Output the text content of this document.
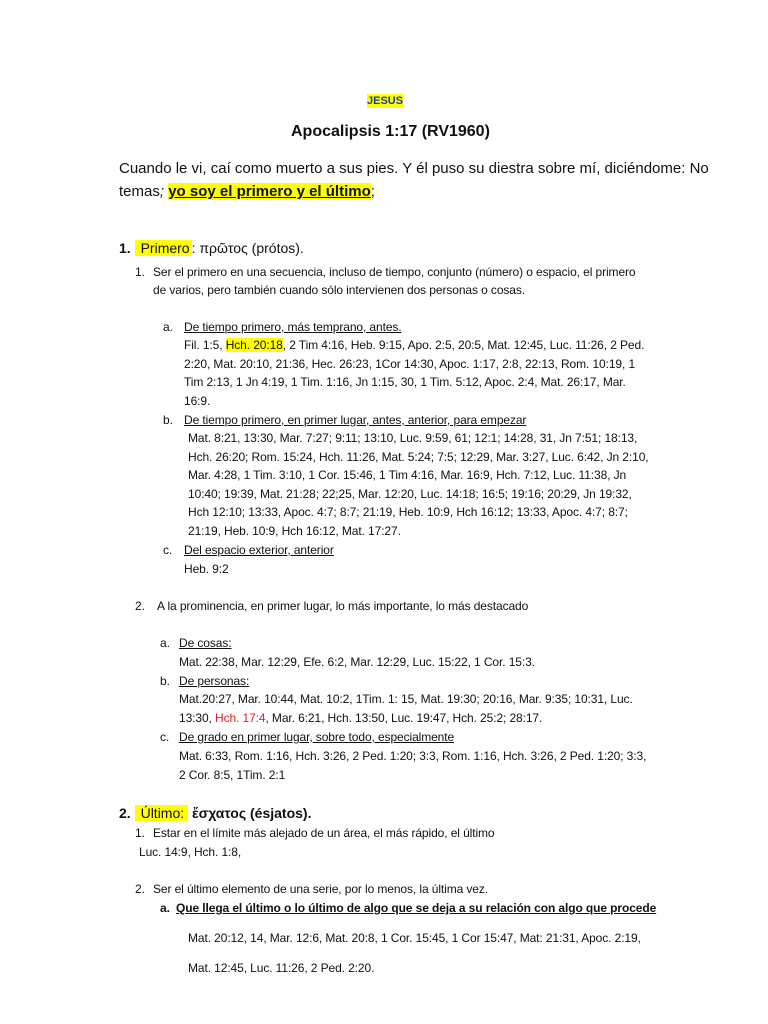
JESUS
Apocalipsis 1:17 (RV1960)
Cuando le vi, caí como muerto a sus pies. Y él puso su diestra sobre mí, diciéndome: No
temas; yo soy el primero y el último;
1. Primero : πρῶτος (prótos).
1. Ser el primero en una secuencia, incluso de tiempo, conjunto (número) o espacio, el primero
de varios, pero también cuando sólo intervienen dos personas o cosas.
a. De tiempo primero, más temprano, antes.
Fil. 1:5, Hch. 20:18, 2 Tim 4:16, Heb. 9:15, Apo. 2:5, 20:5, Mat. 12:45, Luc. 11:26, 2 Ped.
2:20, Mat. 20:10, 21:36, Hec. 26:23, 1Cor 14:30, Apoc. 1:17, 2:8, 22:13, Rom. 10:19, 1
Tim 2:13, 1 Jn 4:19, 1 Tim. 1:16, Jn 1:15, 30, 1 Tim. 5:12, Apoc. 2:4, Mat. 26:17, Mar.
16:9.
b. De tiempo primero, en primer lugar, antes, anterior, para empezar
Mat. 8:21, 13:30, Mar. 7:27; 9:11; 13:10, Luc. 9:59, 61; 12:1; 14:28, 31, Jn 7:51; 18:13,
Hch. 26:20; Rom. 15:24, Hch. 11:26, Mat. 5:24; 7:5; 12:29, Mar. 3:27, Luc. 6:42, Jn 2:10,
Mar. 4:28, 1 Tim. 3:10, 1 Cor. 15:46, 1 Tim 4:16, Mar. 16:9, Hch. 7:12, Luc. 11:38, Jn
10:40; 19:39, Mat. 21:28; 22;25, Mar. 12:20, Luc. 14:18; 16:5; 19:16; 20:29, Jn 19:32,
Hch 12:10; 13:33, Apoc. 4:7; 8:7; 21:19, Heb. 10:9, Hch 16:12; 13:33, Apoc. 4:7; 8:7;
21:19, Heb. 10:9, Hch 16:12, Mat. 17:27.
c. Del espacio exterior, anterior
Heb. 9:2
2. A la prominencia, en primer lugar, lo más importante, lo más destacado
a. De cosas:
Mat. 22:38, Mar. 12:29, Efe. 6:2, Mar. 12:29, Luc. 15:22, 1 Cor. 15:3.
b. De personas:
Mat.20:27, Mar. 10:44, Mat. 10:2, 1Tim. 1: 15, Mat. 19:30; 20:16, Mar. 9:35; 10:31, Luc.
13:30, Hch. 17:4, Mar. 6:21, Hch. 13:50, Luc. 19:47, Hch. 25:2; 28:17.
c. De grado en primer lugar, sobre todo, especialmente
Mat. 6:33, Rom. 1:16, Hch. 3:26, 2 Ped. 1:20; 3:3, Rom. 1:16, Hch. 3:26, 2 Ped. 1:20; 3:3,
2 Cor. 8:5, 1Tim. 2:1
2. Último: ἔσχατος (ésjatos).
1. Estar en el límite más alejado de un área, el más rápido, el último
Luc. 14:9, Hch. 1:8,
2. Ser el último elemento de una serie, por lo menos, la última vez.
a. Que llega el último o lo último de algo que se deja a su relación con algo que procede
Mat. 20:12, 14, Mar. 12:6, Mat. 20:8, 1 Cor. 15:45, 1 Cor 15:47, Mat: 21:31, Apoc. 2:19,
Mat. 12:45, Luc. 11:26, 2 Ped. 2:20.
